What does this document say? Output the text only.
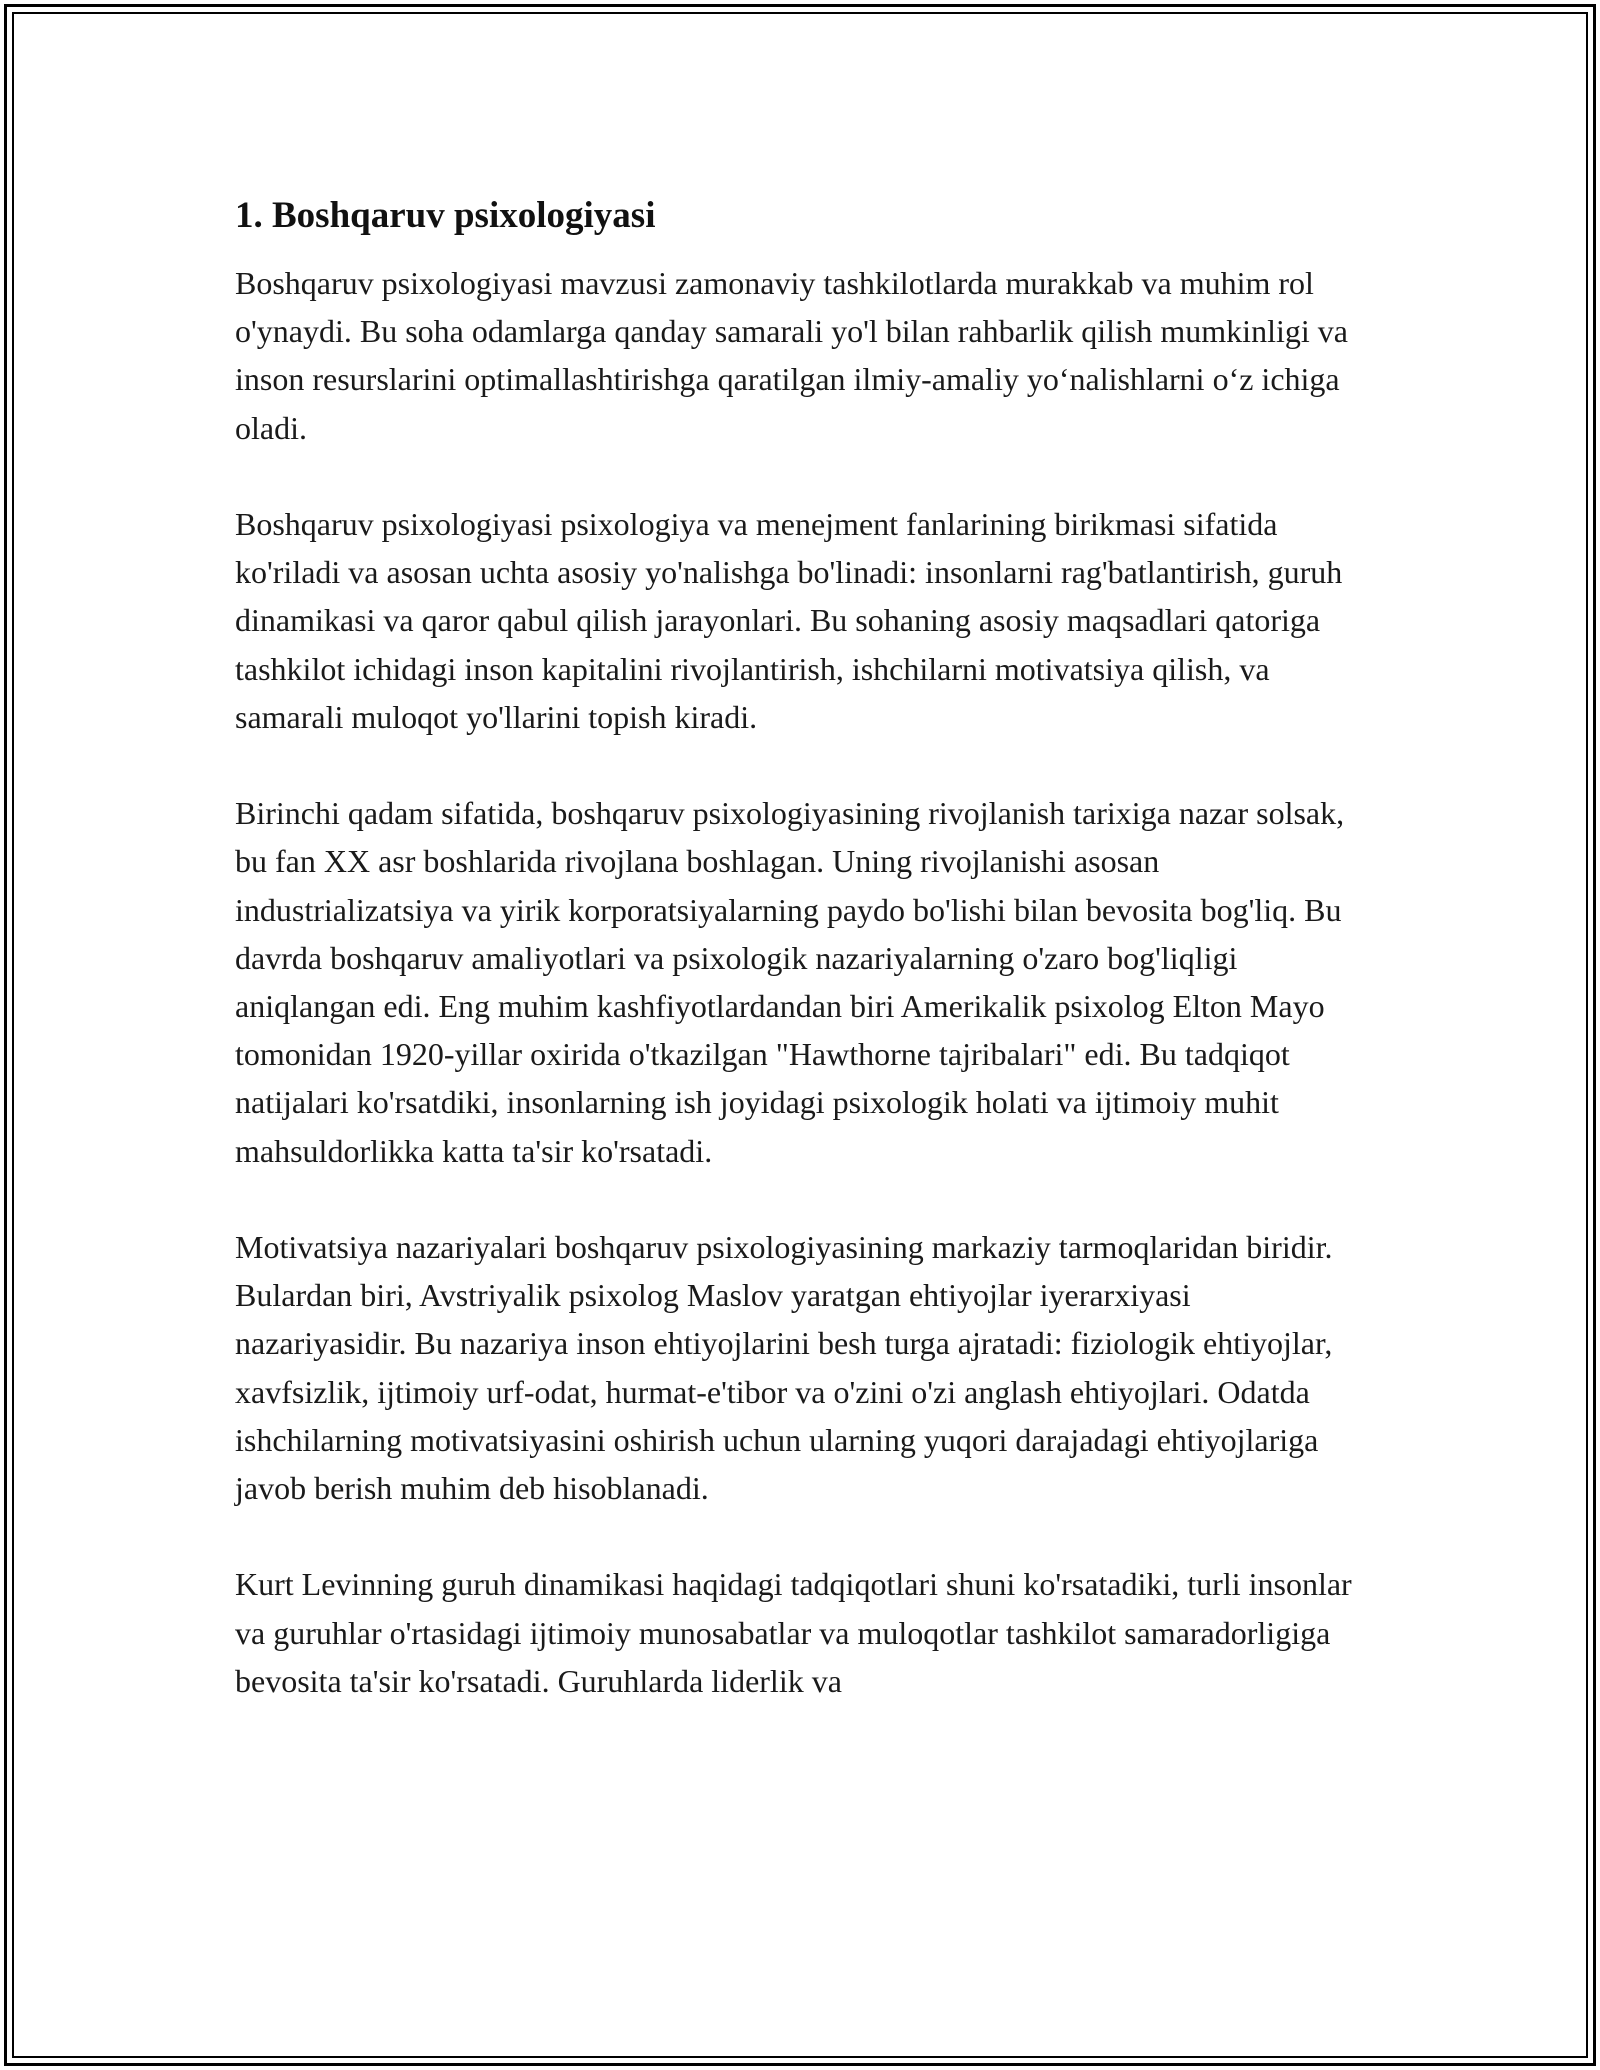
1. Boshqaruv psixologiyasi

Boshqaruv psixologiyasi mavzusi zamonaviy tashkilotlarda murakkab va muhim rol o'ynaydi. Bu soha odamlarga qanday samarali yo'l bilan rahbarlik qilish mumkinligi va inson resurslarini optimallashtirishga qaratilgan ilmiy-amaliy yo‘nalishlarni o‘z ichiga oladi.

Boshqaruv psixologiyasi psixologiya va menejment fanlarining birikmasi sifatida ko'riladi va asosan uchta asosiy yo'nalishga bo'linadi: insonlarni rag'batlantirish, guruh dinamikasi va qaror qabul qilish jarayonlari. Bu sohaning asosiy maqsadlari qatoriga tashkilot ichidagi inson kapitalini rivojlantirish, ishchilarni motivatsiya qilish, va samarali muloqot yo'llarini topish kiradi.

Birinchi qadam sifatida, boshqaruv psixologiyasining rivojlanish tarixiga nazar solsak, bu fan XX asr boshlarida rivojlana boshlagan. Uning rivojlanishi asosan industrializatsiya va yirik korporatsiyalarning paydo bo'lishi bilan bevosita bog'liq. Bu davrda boshqaruv amaliyotlari va psixologik nazariyalarning o'zaro bog'liqligi aniqlangan edi. Eng muhim kashfiyotlardandan biri Amerikalik psixolog Elton Mayo tomonidan 1920-yillar oxirida o'tkazilgan "Hawthorne tajribalari" edi. Bu tadqiqot natijalari ko'rsatdiki, insonlarning ish joyidagi psixologik holati va ijtimoiy muhit mahsuldorlikka katta ta'sir ko'rsatadi.

Motivatsiya nazariyalari boshqaruv psixologiyasining markaziy tarmoqlaridan biridir. Bulardan biri, Avstriyalik psixolog Maslov yaratgan ehtiyojlar iyerarxiyasi nazariyasidir. Bu nazariya inson ehtiyojlarini besh turga ajratadi: fiziologik ehtiyojlar, xavfsizlik, ijtimoiy urf-odat, hurmat-e'tibor va o'zini o'zi anglash ehtiyojlari. Odatda ishchilarning motivatsiyasini oshirish uchun ularning yuqori darajadagi ehtiyojlariga javob berish muhim deb hisoblanadi.

Kurt Levinning guruh dinamikasi haqidagi tadqiqotlari shuni ko'rsatadiki, turli insonlar va guruhlar o'rtasidagi ijtimoiy munosabatlar va muloqotlar tashkilot samaradorligiga bevosita ta'sir ko'rsatadi. Guruhlarda liderlik va
